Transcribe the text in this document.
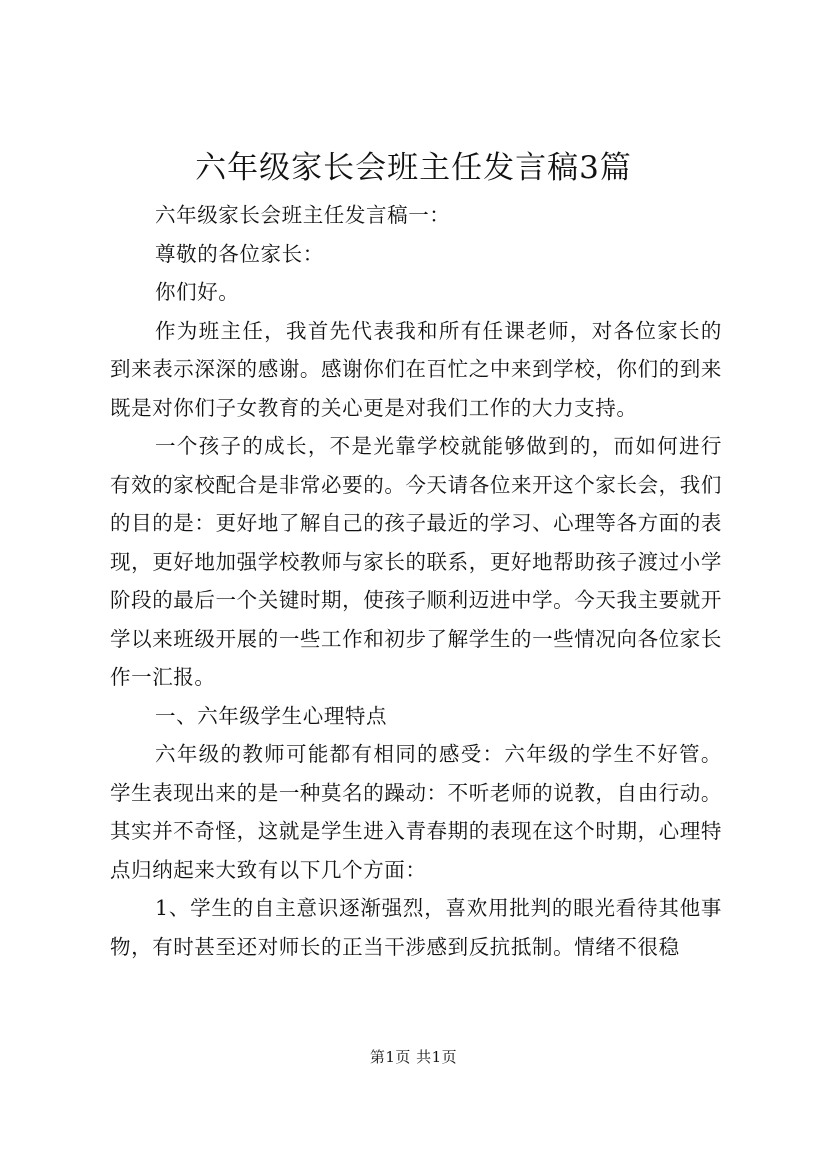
六年级家长会班主任发言稿3篇

六年级家长会班主任发言稿一：

尊敬的各位家长：

你们好。

作为班主任，我首先代表我和所有任课老师，对各位家长的到来表示深深的感谢。感谢你们在百忙之中来到学校，你们的到来既是对你们子女教育的关心更是对我们工作的大力支持。

一个孩子的成长，不是光靠学校就能够做到的，而如何进行有效的家校配合是非常必要的。今天请各位来开这个家长会，我们的目的是：更好地了解自己的孩子最近的学习、心理等各方面的表现，更好地加强学校教师与家长的联系，更好地帮助孩子渡过小学阶段的最后一个关键时期，使孩子顺利迈进中学。今天我主要就开学以来班级开展的一些工作和初步了解学生的一些情况向各位家长作一汇报。

一、六年级学生心理特点

六年级的教师可能都有相同的感受：六年级的学生不好管。学生表现出来的是一种莫名的躁动：不听老师的说教，自由行动。其实并不奇怪，这就是学生进入青春期的表现在这个时期，心理特点归纳起来大致有以下几个方面：

1、学生的自主意识逐渐强烈，喜欢用批判的眼光看待其他事物，有时甚至还对师长的正当干涉感到反抗抵制。情绪不很稳

第1页 共1页
